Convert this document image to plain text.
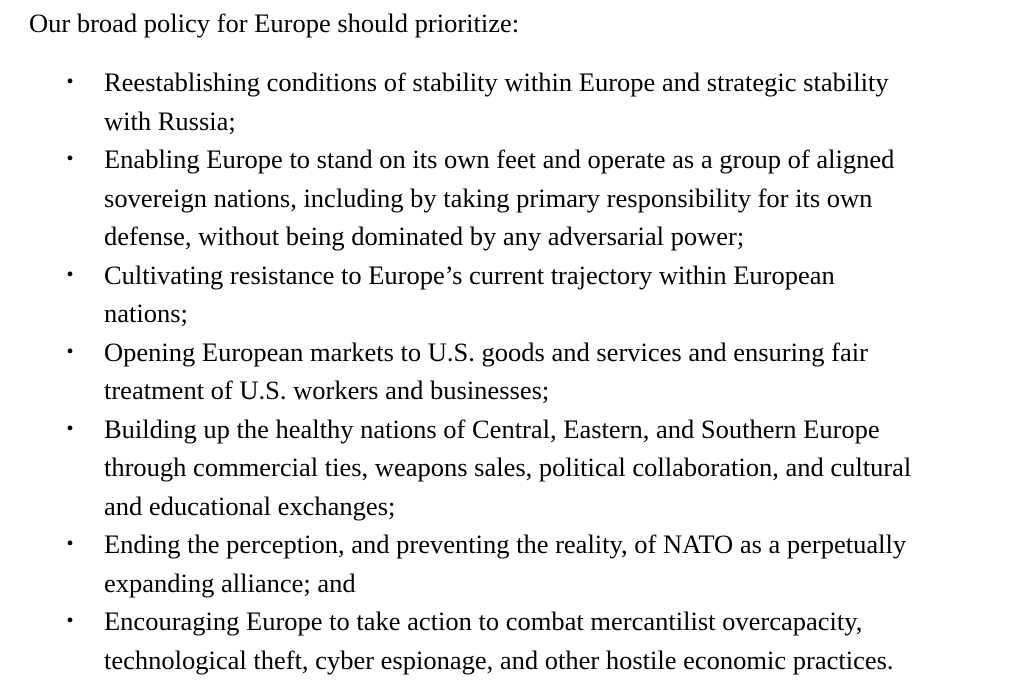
Our broad policy for Europe should prioritize:

• Reestablishing conditions of stability within Europe and strategic stability
with Russia;
• Enabling Europe to stand on its own feet and operate as a group of aligned
sovereign nations, including by taking primary responsibility for its own
defense, without being dominated by any adversarial power;
• Cultivating resistance to Europe’s current trajectory within European
nations;
• Opening European markets to U.S. goods and services and ensuring fair
treatment of U.S. workers and businesses;
• Building up the healthy nations of Central, Eastern, and Southern Europe
through commercial ties, weapons sales, political collaboration, and cultural
and educational exchanges;
• Ending the perception, and preventing the reality, of NATO as a perpetually
expanding alliance; and
• Encouraging Europe to take action to combat mercantilist overcapacity,
technological theft, cyber espionage, and other hostile economic practices.
